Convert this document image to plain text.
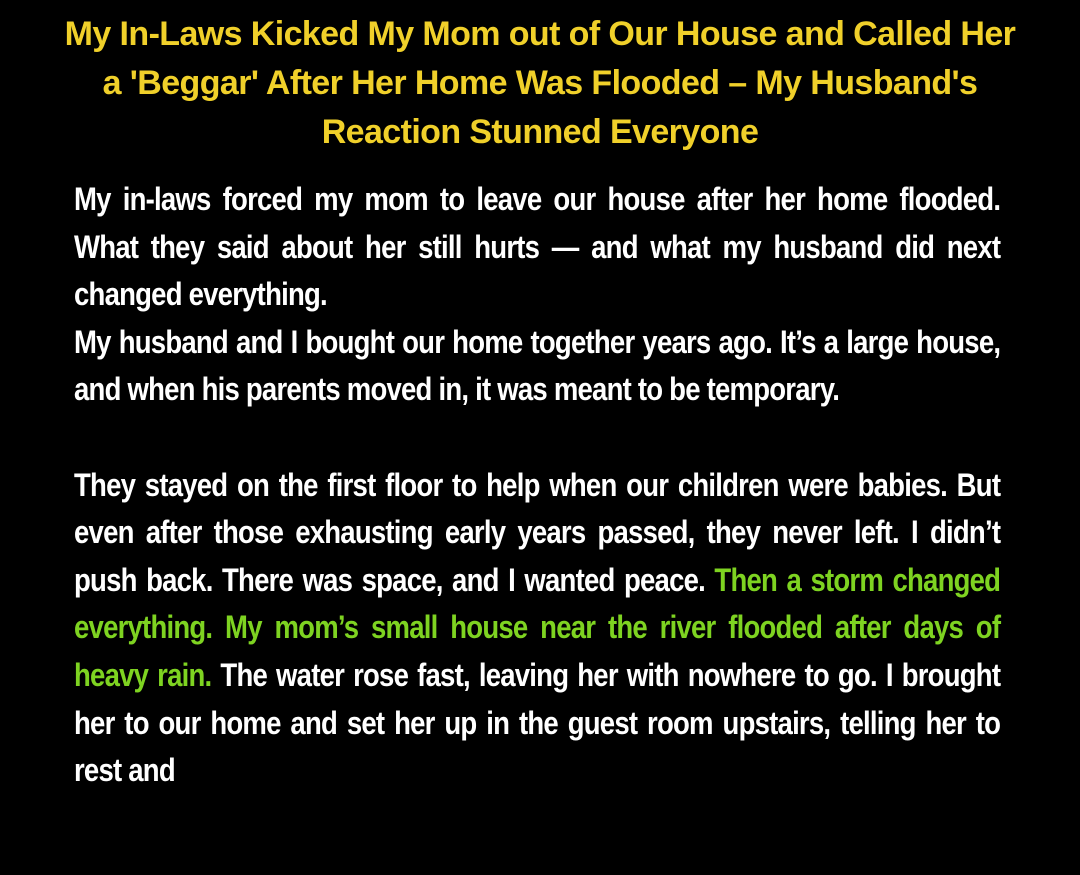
My In-Laws Kicked My Mom out of Our House and Called Her a 'Beggar' After Her Home Was Flooded – My Husband's Reaction Stunned Everyone

My in-laws forced my mom to leave our house after her home flooded. What they said about her still hurts — and what my husband did next changed everything.

My husband and I bought our home together years ago. It’s a large house, and when his parents moved in, it was meant to be temporary.

They stayed on the first floor to help when our children were babies. But even after those exhausting early years passed, they never left. I didn’t push back. There was space, and I wanted peace. Then a storm changed everything. My mom’s small house near the river flooded after days of heavy rain. The water rose fast, leaving her with nowhere to go. I brought her to our home and set her up in the guest room upstairs, telling her to rest and
